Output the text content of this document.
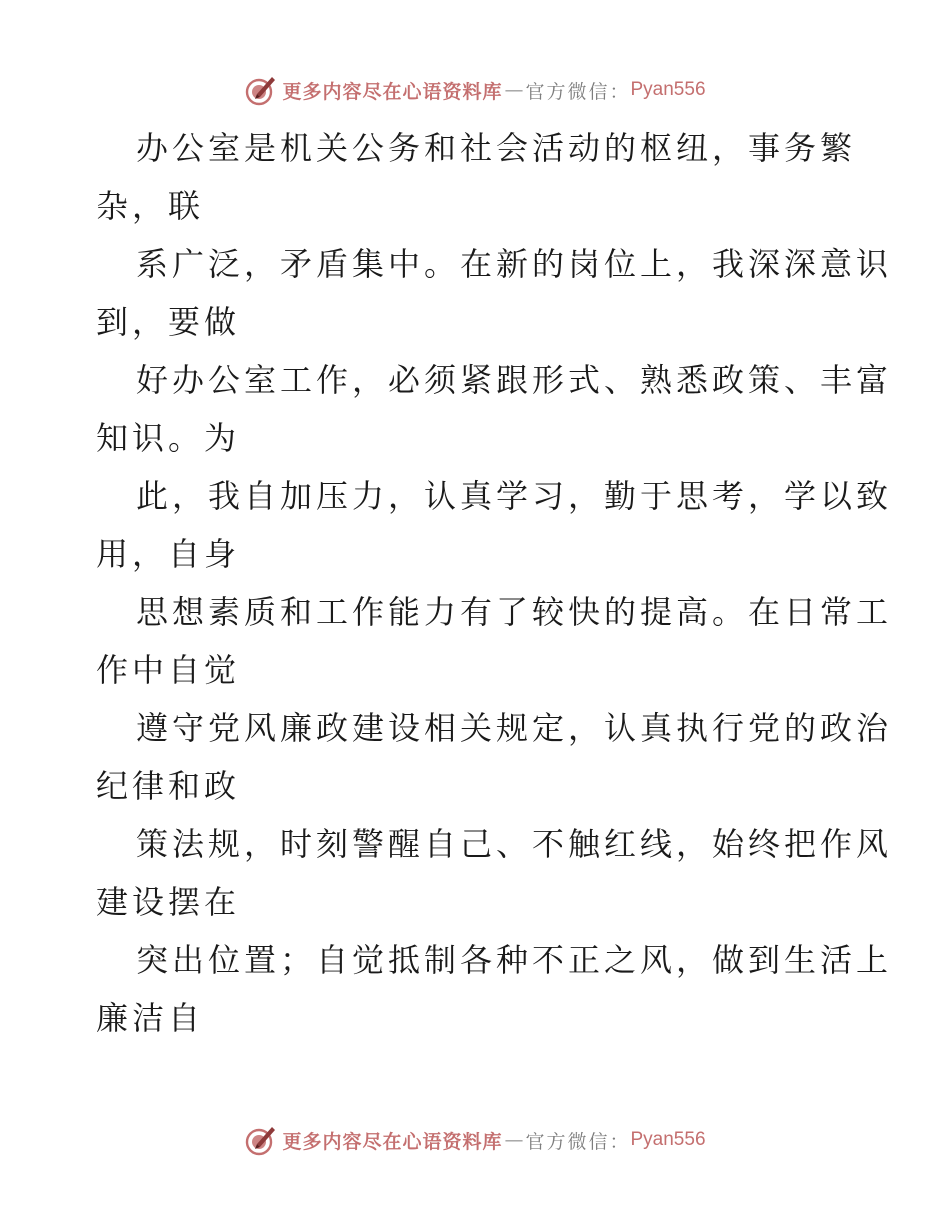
更多内容尽在心语资料库 — 官方微信： Pyan556
办公室是机关公务和社会活动的枢纽，事务繁
杂，联
系广泛，矛盾集中。在新的岗位上，我深深意识
到，要做
好办公室工作，必须紧跟形式、熟悉政策、丰富
知识。为
此，我自加压力，认真学习，勤于思考，学以致
用，自身
思想素质和工作能力有了较快的提高。在日常工
作中自觉
遵守党风廉政建设相关规定，认真执行党的政治
纪律和政
策法规，时刻警醒自己、不触红线，始终把作风
建设摆在
突出位置；自觉抵制各种不正之风，做到生活上
廉洁自
更多内容尽在心语资料库 — 官方微信： Pyan556
